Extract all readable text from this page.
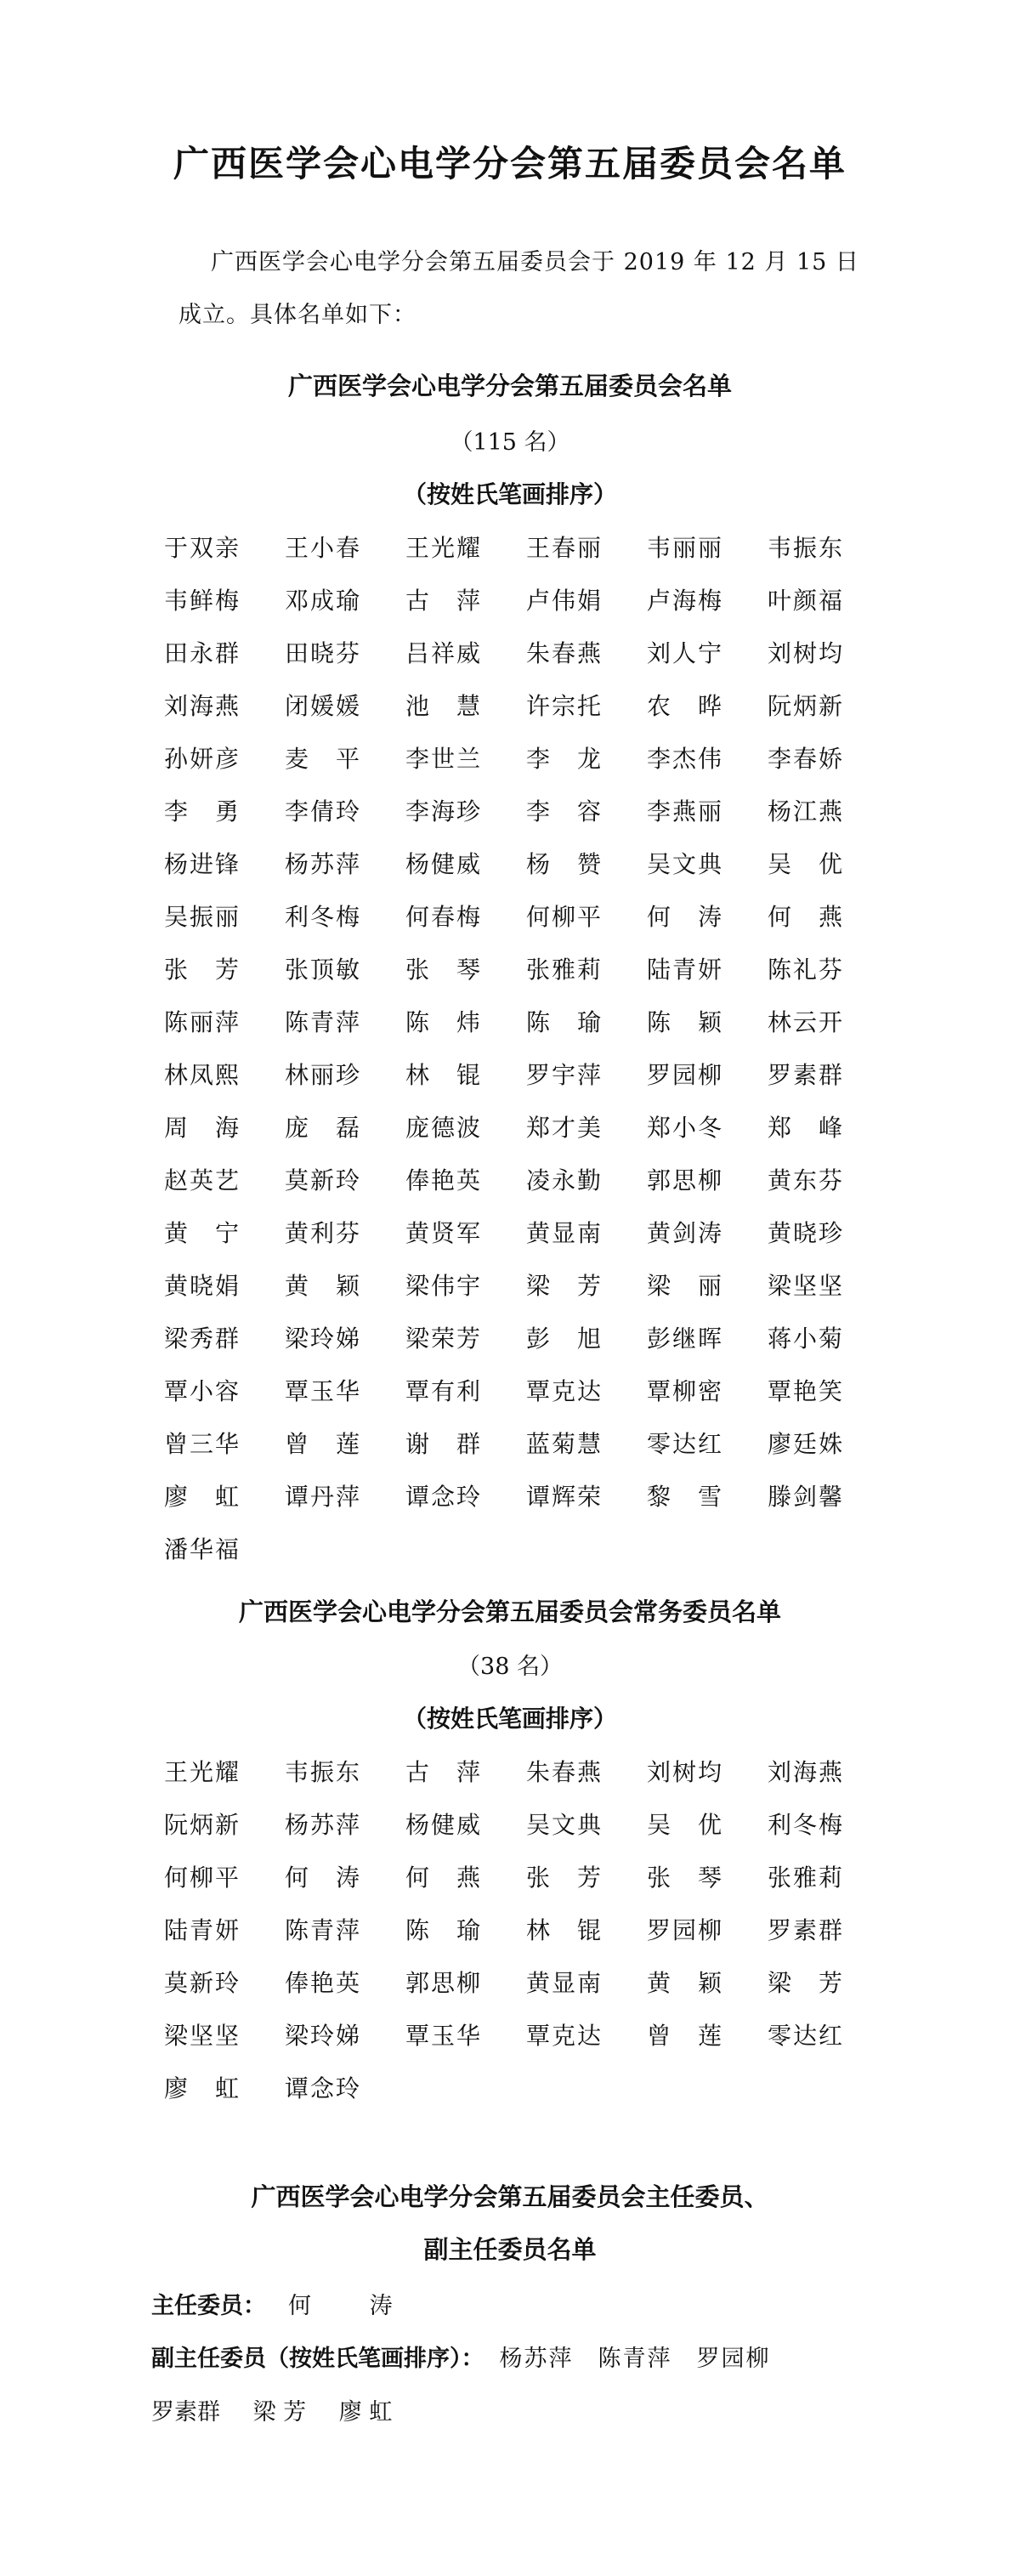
广西医学会心电学分会第五届委员会名单
广西医学会心电学分会第五届委员会于 2019 年 12 月 15 日成立。具体名单如下：
广西医学会心电学分会第五届委员会名单
（115 名）
（按姓氏笔画排序）
于 双 亲 王 小 春 王 光 耀 王 春 丽 韦 丽 丽 韦 振 东
韦 鲜 梅 邓 成 瑜 古 萍 卢 伟 娟 卢 海 梅 叶 颜 福
田 永 群 田 晓 芬 吕 祥 威 朱 春 燕 刘 人 宁 刘 树 均
刘 海 燕 闭 媛 媛 池 慧 许 宗 托 农 晔 阮 炳 新
孙 妍 彦 麦 平 李 世 兰 李 龙 李 杰 伟 李 春 娇
李 勇 李 倩 玲 李 海 珍 李 容 李 燕 丽 杨 江 燕
杨 进 锋 杨 苏 萍 杨 健 威 杨 赞 吴 文 典 吴 优
吴 振 丽 利 冬 梅 何 春 梅 何 柳 平 何 涛 何 燕
张 芳 张 顶 敏 张 琴 张 雅 莉 陆 青 妍 陈 礼 芬
陈 丽 萍 陈 青 萍 陈 炜 陈 瑜 陈 颖 林 云 开
林 凤 熙 林 丽 珍 林 锟 罗 宇 萍 罗 园 柳 罗 素 群
周 海 庞 磊 庞 德 波 郑 才 美 郑 小 冬 郑 峰
赵 英 艺 莫 新 玲 俸 艳 英 凌 永 勤 郭 思 柳 黄 东 芬
黄 宁 黄 利 芬 黄 贤 军 黄 显 南 黄 剑 涛 黄 晓 珍
黄 晓 娟 黄 颖 梁 伟 宇 梁 芳 梁 丽 梁 坚 坚
梁 秀 群 梁 玲 娣 梁 荣 芳 彭 旭 彭 继 晖 蒋 小 菊
覃 小 容 覃 玉 华 覃 有 利 覃 克 达 覃 柳 密 覃 艳 笑
曾 三 华 曾 莲 谢 群 蓝 菊 慧 零 达 红 廖 廷 姝
廖 虹 谭 丹 萍 谭 念 玲 谭 辉 荣 黎 雪 滕 剑 馨
潘 华 福
广西医学会心电学分会第五届委员会常务委员名单
（38 名）
（按姓氏笔画排序）
王 光 耀 韦 振 东 古 萍 朱 春 燕 刘 树 均 刘 海 燕
阮 炳 新 杨 苏 萍 杨 健 威 吴 文 典 吴 优 利 冬 梅
何 柳 平 何 涛 何 燕 张 芳 张 琴 张 雅 莉
陆 青 妍 陈 青 萍 陈 瑜 林 锟 罗 园 柳 罗 素 群
莫 新 玲 俸 艳 英 郭 思 柳 黄 显 南 黄 颖 梁 芳
梁 坚 坚 梁 玲 娣 覃 玉 华 覃 克 达 曾 莲 零 达 红
廖 虹 谭 念 玲
广西医学会心电学分会第五届委员会主任委员、
副主任委员名单
主任委员： 何 涛
副主任委员（按姓氏笔画排序）： 杨苏萍　陈青萍　罗园柳
罗素群 梁 芳 廖 虹
